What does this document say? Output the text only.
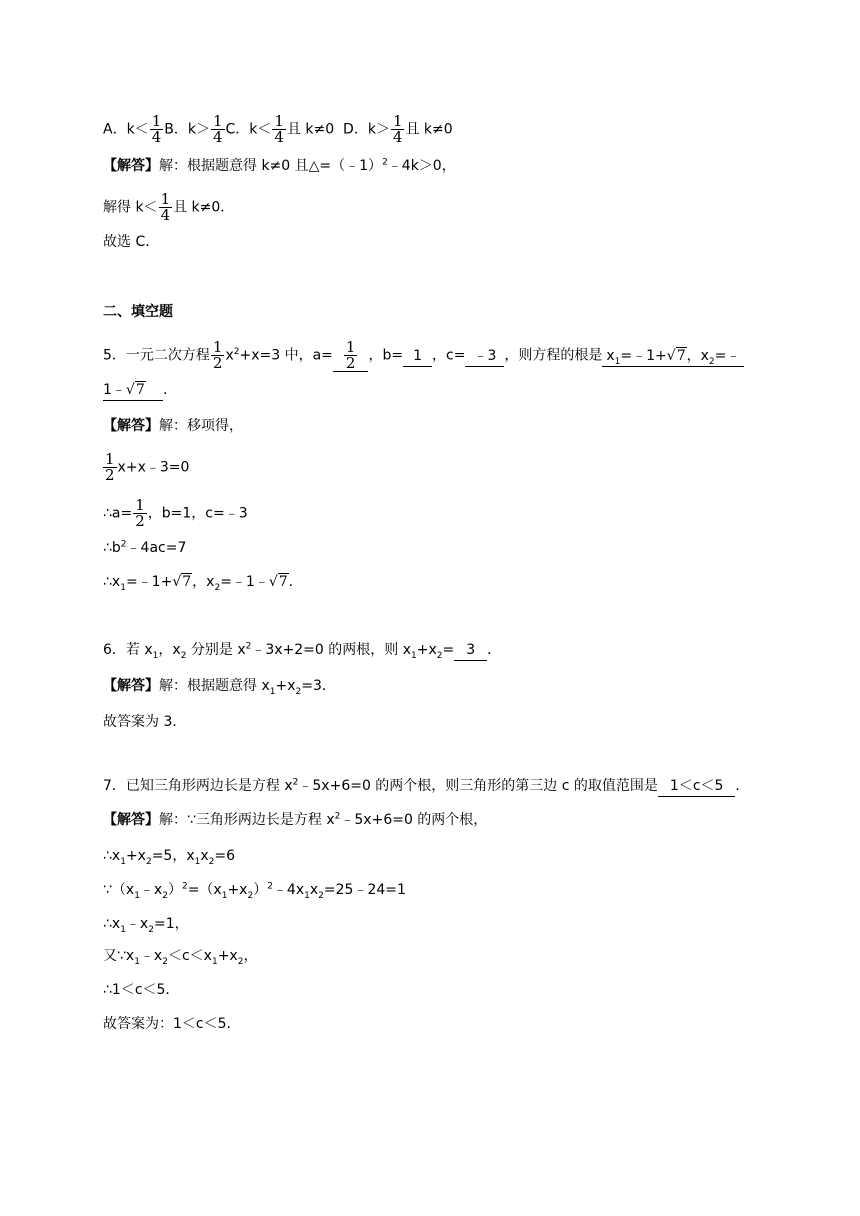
A．$k< \frac{1}{4}$ B．$k> \frac{1}{4}$ C．$k< \frac{1}{4}$ 且 k≠0 D．$k> \frac{1}{4}$ 且 k≠0
【解答】解：根据题意得 k≠0 且△=（﹣1）$^2$﹣4k＞0，
解得 $k< \frac{1}{4}$ 且 k≠0．
故选 C．
二、填空题
5．一元二次方程 $\frac{1}{2} x^2+x=3$ 中，$a= \frac{1}{2}$ ，b= 1 ，c= ﹣3 ，则方程的根是 $x_1=﹣1+√7$，$x_2=﹣$
1﹣√7 ．
【解答】解：移项得，
$\frac{1}{2}$ x+x﹣3=0
∴a= $\frac{1}{2}$ ，b=1，c=﹣3
$\therefore b^2﹣4ac=7$
$\therefore x_1=﹣1+√7$，$x_2=﹣1﹣√7$．
6．若 $x_1$，$x_2$ 分别是 $x^2﹣3x+2=0$ 的两根，则 $x_1+x_2= 3$ ．
【解答】解：根据题意得 $x_1+x_2=3$．
故答案为 3．
7．已知三角形两边长是方程 $x^2﹣5x+6=0$ 的两个根，则三角形的第三边 c 的取值范围是 1＜c＜5 ．
【解答】解：∵三角形两边长是方程 $x^2﹣5x+6=0$ 的两个根，
$\therefore x_1+x_2=5$，$x_1x_2=6$
$\because(x_1﹣x_2)^2=(x_1+x_2)^2﹣4x_1x_2=25﹣24=1$
$\therefore x_1﹣x_2=1$，
又$\because x_1﹣x_2<c<x_1+x_2$，
∴1＜c＜5．
故答案为：1＜c＜5．
